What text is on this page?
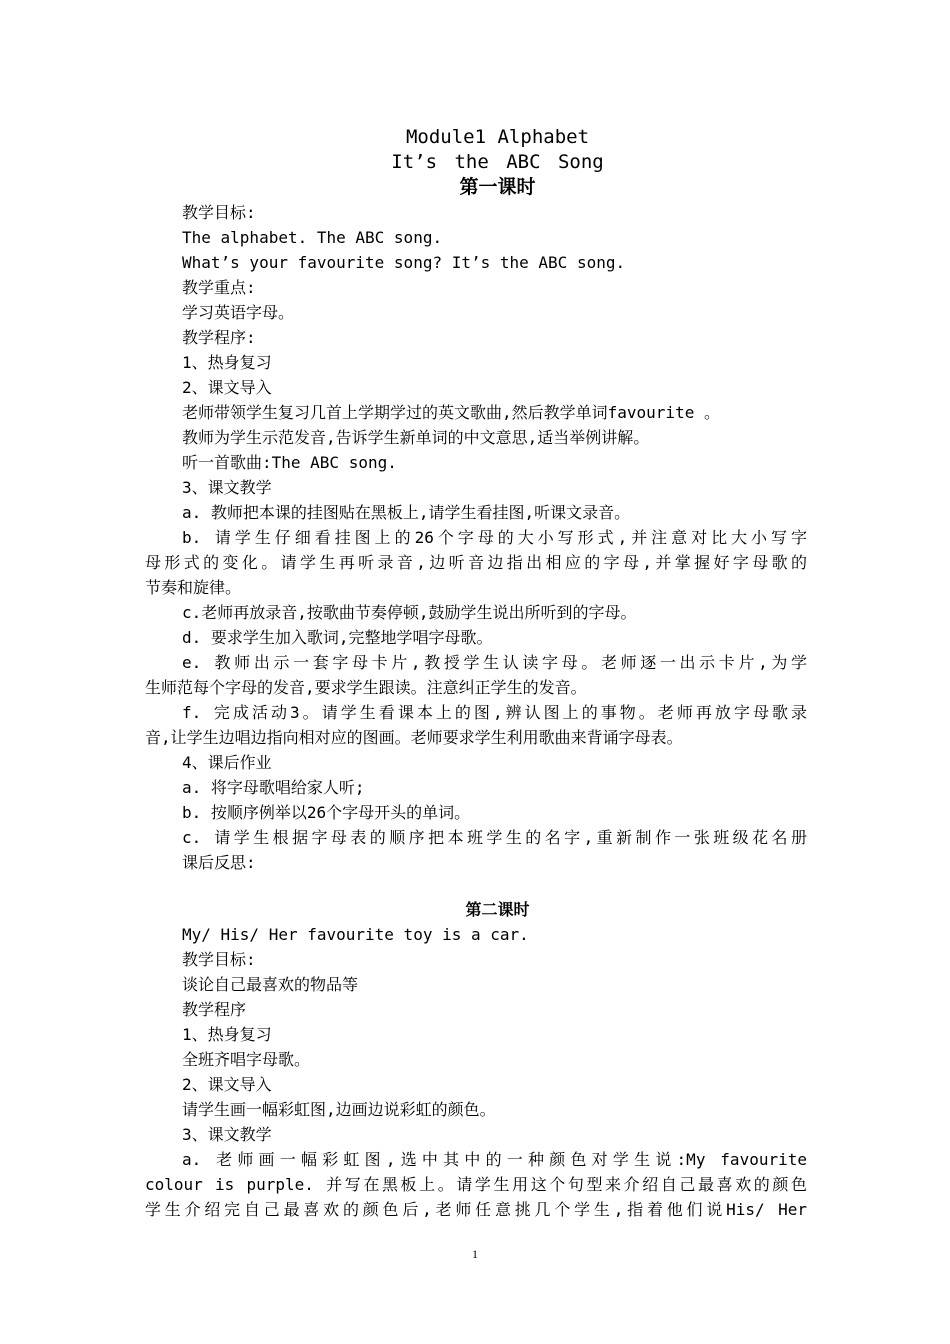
Module1 Alphabet
It’s the ABC Song
第一课时
教学目标:
The alphabet. The ABC song.
What’s your favourite song? It’s the ABC song.
教学重点:
学习英语字母。
教学程序:
1、热身复习
2、课文导入
老师带领学生复习几首上学期学过的英文歌曲,然后教学单词favourite 。
教师为学生示范发音,告诉学生新单词的中文意思,适当举例讲解。
听一首歌曲:The ABC song.
3、课文教学
a. 教师把本课的挂图贴在黑板上,请学生看挂图,听课文录音。
b. 请学生仔细看挂图上的26个字母的大小写形式,并注意对比大小写字
母形式的变化。请学生再听录音,边听音边指出相应的字母,并掌握好字母歌的
节奏和旋律。
c.老师再放录音,按歌曲节奏停顿,鼓励学生说出所听到的字母。
d. 要求学生加入歌词,完整地学唱字母歌。
e. 教师出示一套字母卡片,教授学生认读字母。老师逐一出示卡片,为学
生师范每个字母的发音,要求学生跟读。注意纠正学生的发音。
f. 完成活动3。请学生看课本上的图,辨认图上的事物。老师再放字母歌录
音,让学生边唱边指向相对应的图画。老师要求学生利用歌曲来背诵字母表。
4、课后作业
a. 将字母歌唱给家人听;
b. 按顺序例举以26个字母开头的单词。
c. 请学生根据字母表的顺序把本班学生的名字,重新制作一张班级花名册
课后反思:
第二课时
My/ His/ Her favourite toy is a car.
教学目标:
谈论自己最喜欢的物品等
教学程序
1、热身复习
全班齐唱字母歌。
2、课文导入
请学生画一幅彩虹图,边画边说彩虹的颜色。
3、课文教学
a. 老师画一幅彩虹图,选中其中的一种颜色对学生说:My favourite
colour is purple. 并写在黑板上。请学生用这个句型来介绍自己最喜欢的颜色
学生介绍完自己最喜欢的颜色后,老师任意挑几个学生,指着他们说His/ Her
1
